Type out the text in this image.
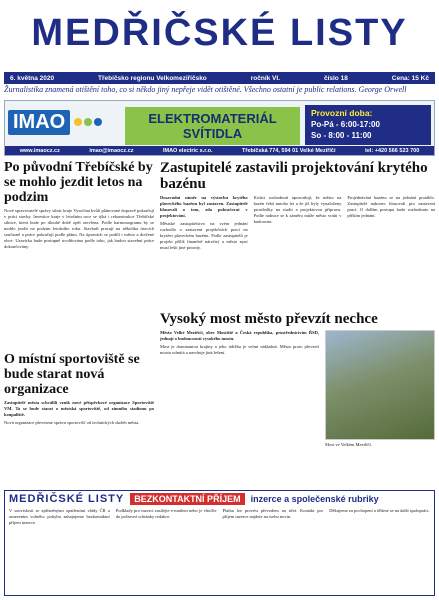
MEDŘIČSKÉ LISTY
6. května 2020	Třebíčsko regionu Velkomeziříčsko	ročník VI.	číslo 18	Cena: 15 Kč
Žurnalistika znamená otištění toho, co si někdo jiný nepřeje vidět otištěné. Všechno ostatní je public relations. George Orwell
IMAO	ELEKTROMATERIÁL
SVÍTIDLA
Provozní doba:
Po-Pá - 6:00-17:00
So - 8:00 - 11:00
www.imaocz.cz	imao@imaocz.cz	IMAO electric s.r.o.	Třebíčská 774, 594 01 Velké Meziříčí	tel: +420 566 523 700
Po původní Třebíčské by se mohlo jezdit letos na podzim

Nové spravovatelé správy silnic kraje Vysočina kvůli plánované dopravě pokračují v práci stavby. Investice kraje v letošním roce se týká i rekonstrukce Třebíčské silnice, která bude po dlouhé době opět otevřena. Podle harmonogramu by se mohlo jezdit na podzim letošního roku. Stavbaři pracují na několika úsecích současně a práce pokračují podle plánu. Na úpravách se podílí i město a dotčené obce. Uzavírka bude postupně uvolňována podle toho, jak budou stavební práce dokončovány.

O místní sportoviště se bude starat nová organizace

Zastupitelé města schválili vznik nové příspěvkové organizace Sportoviště VM. Ta se bude starat o městská sportoviště, od zimního stadionu po koupaliště.

Nová organizace převezme správu sportovišť od technických služeb města.

Zastupitelé zastavili projektování krytého bazénu

Dosavadní záměr na výstavbu krytého plaveckého bazénu byl zastaven. Zastupitelé hlasovali o tom, zda pokračovat v projektování.

Městské zastupitelstvo na svém jednání rozhodlo o zastavení projekčních prací na krytém plaveckém bazénu. Podle zastupitelů je projekt příliš finančně náročný a město nyní musí řešit jiné priority.

Kritici rozhodnutí upozorňují, že město na bazén čeká mnoho let a že již byly vynaloženy prostředky na studii a projektovou přípravu. Podle radnice se k záměru může město vrátit v budoucnu.

Projednávání bazénu se na jednání protáhlo. Zastupitelé nakonec hlasovali pro zastavení prací. O dalším postupu bude rozhodnuto na příštím jednání.

Vysoký most město převzít nechce

Město Velké Meziříčí, obec Mostiště a Česká republika, prostřednictvím ŘSD, jednají o budoucnosti vysokého mostu.

Most je dominantou krajiny a jeho údržba je velmi nákladná. Město proto převzetí mostu odmítá a navrhuje jiná řešení.

Most ve Velkém Meziříčí.
MEDŘIČSKÉ LISTY	BEZKONTAKTNÍ PŘÍJEM	inzerce a společenské rubriky
V souvislosti se zpřísněnými opatřeními vlády ČR a omezením volného pohybu zahajujeme bezkontaktní příjem inzerce.
Podklady pro inzerci zasílejte e-mailem nebo je vhoďte do poštovní schránky redakce.
Platbu lze provést převodem na účet. Kontakt pro příjem inzerce najdete na webu novin.
Děkujeme za pochopení a těšíme se na další spolupráci.
